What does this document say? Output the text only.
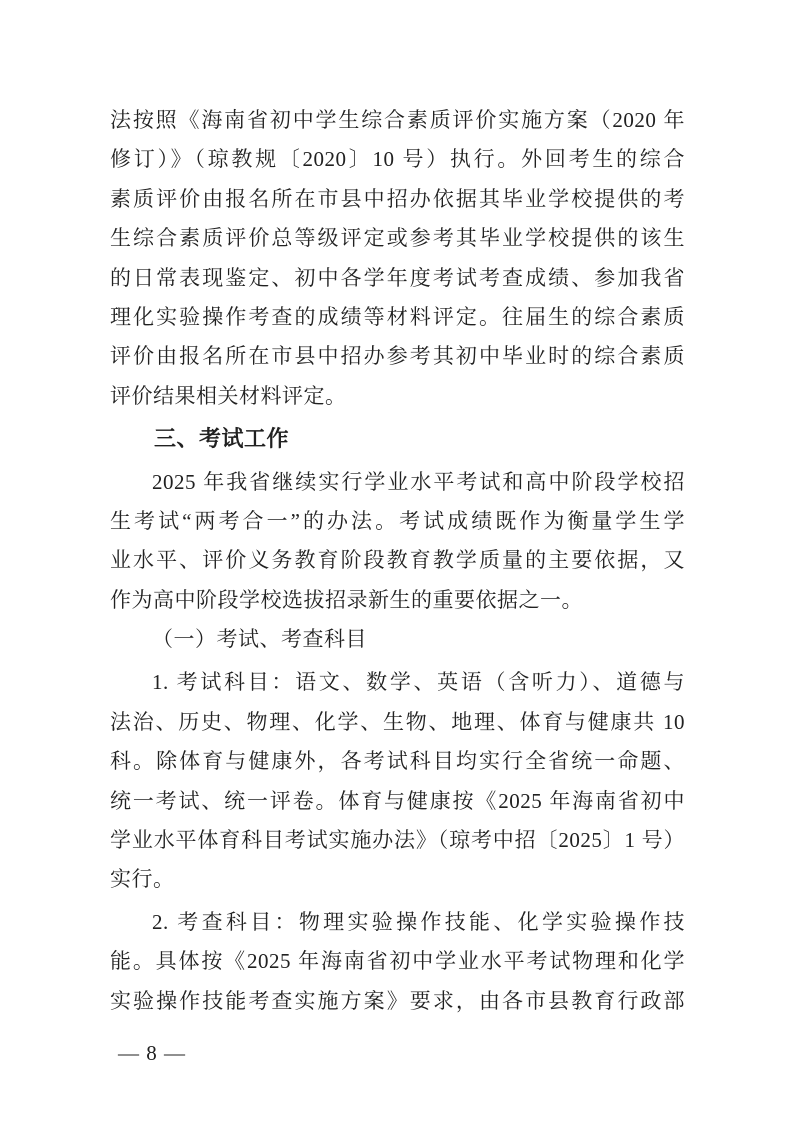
法按照《海南省初中学生综合素质评价实施方案（2020 年
修订）》（琼教规〔2020〕10 号）执行。外回考生的综合
素质评价由报名所在市县中招办依据其毕业学校提供的考
生综合素质评价总等级评定或参考其毕业学校提供的该生
的日常表现鉴定、初中各学年度考试考查成绩、参加我省
理化实验操作考查的成绩等材料评定。往届生的综合素质
评价由报名所在市县中招办参考其初中毕业时的综合素质
评价结果相关材料评定。
三、考试工作
2025 年我省继续实行学业水平考试和高中阶段学校招
生考试“两考合一”的办法。考试成绩既作为衡量学生学
业水平、评价义务教育阶段教育教学质量的主要依据，又
作为高中阶段学校选拔招录新生的重要依据之一。
（一）考试、考查科目
1. 考试科目：语文、数学、英语（含听力）、道德与
法治、历史、物理、化学、生物、地理、体育与健康共 10
科。除体育与健康外，各考试科目均实行全省统一命题、
统一考试、统一评卷。体育与健康按《2025 年海南省初中
学业水平体育科目考试实施办法》（琼考中招〔2025〕1 号）
实行。
2. 考查科目：物理实验操作技能、化学实验操作技
能。具体按《2025 年海南省初中学业水平考试物理和化学
实验操作技能考查实施方案》要求，由各市县教育行政部
— 8 —
